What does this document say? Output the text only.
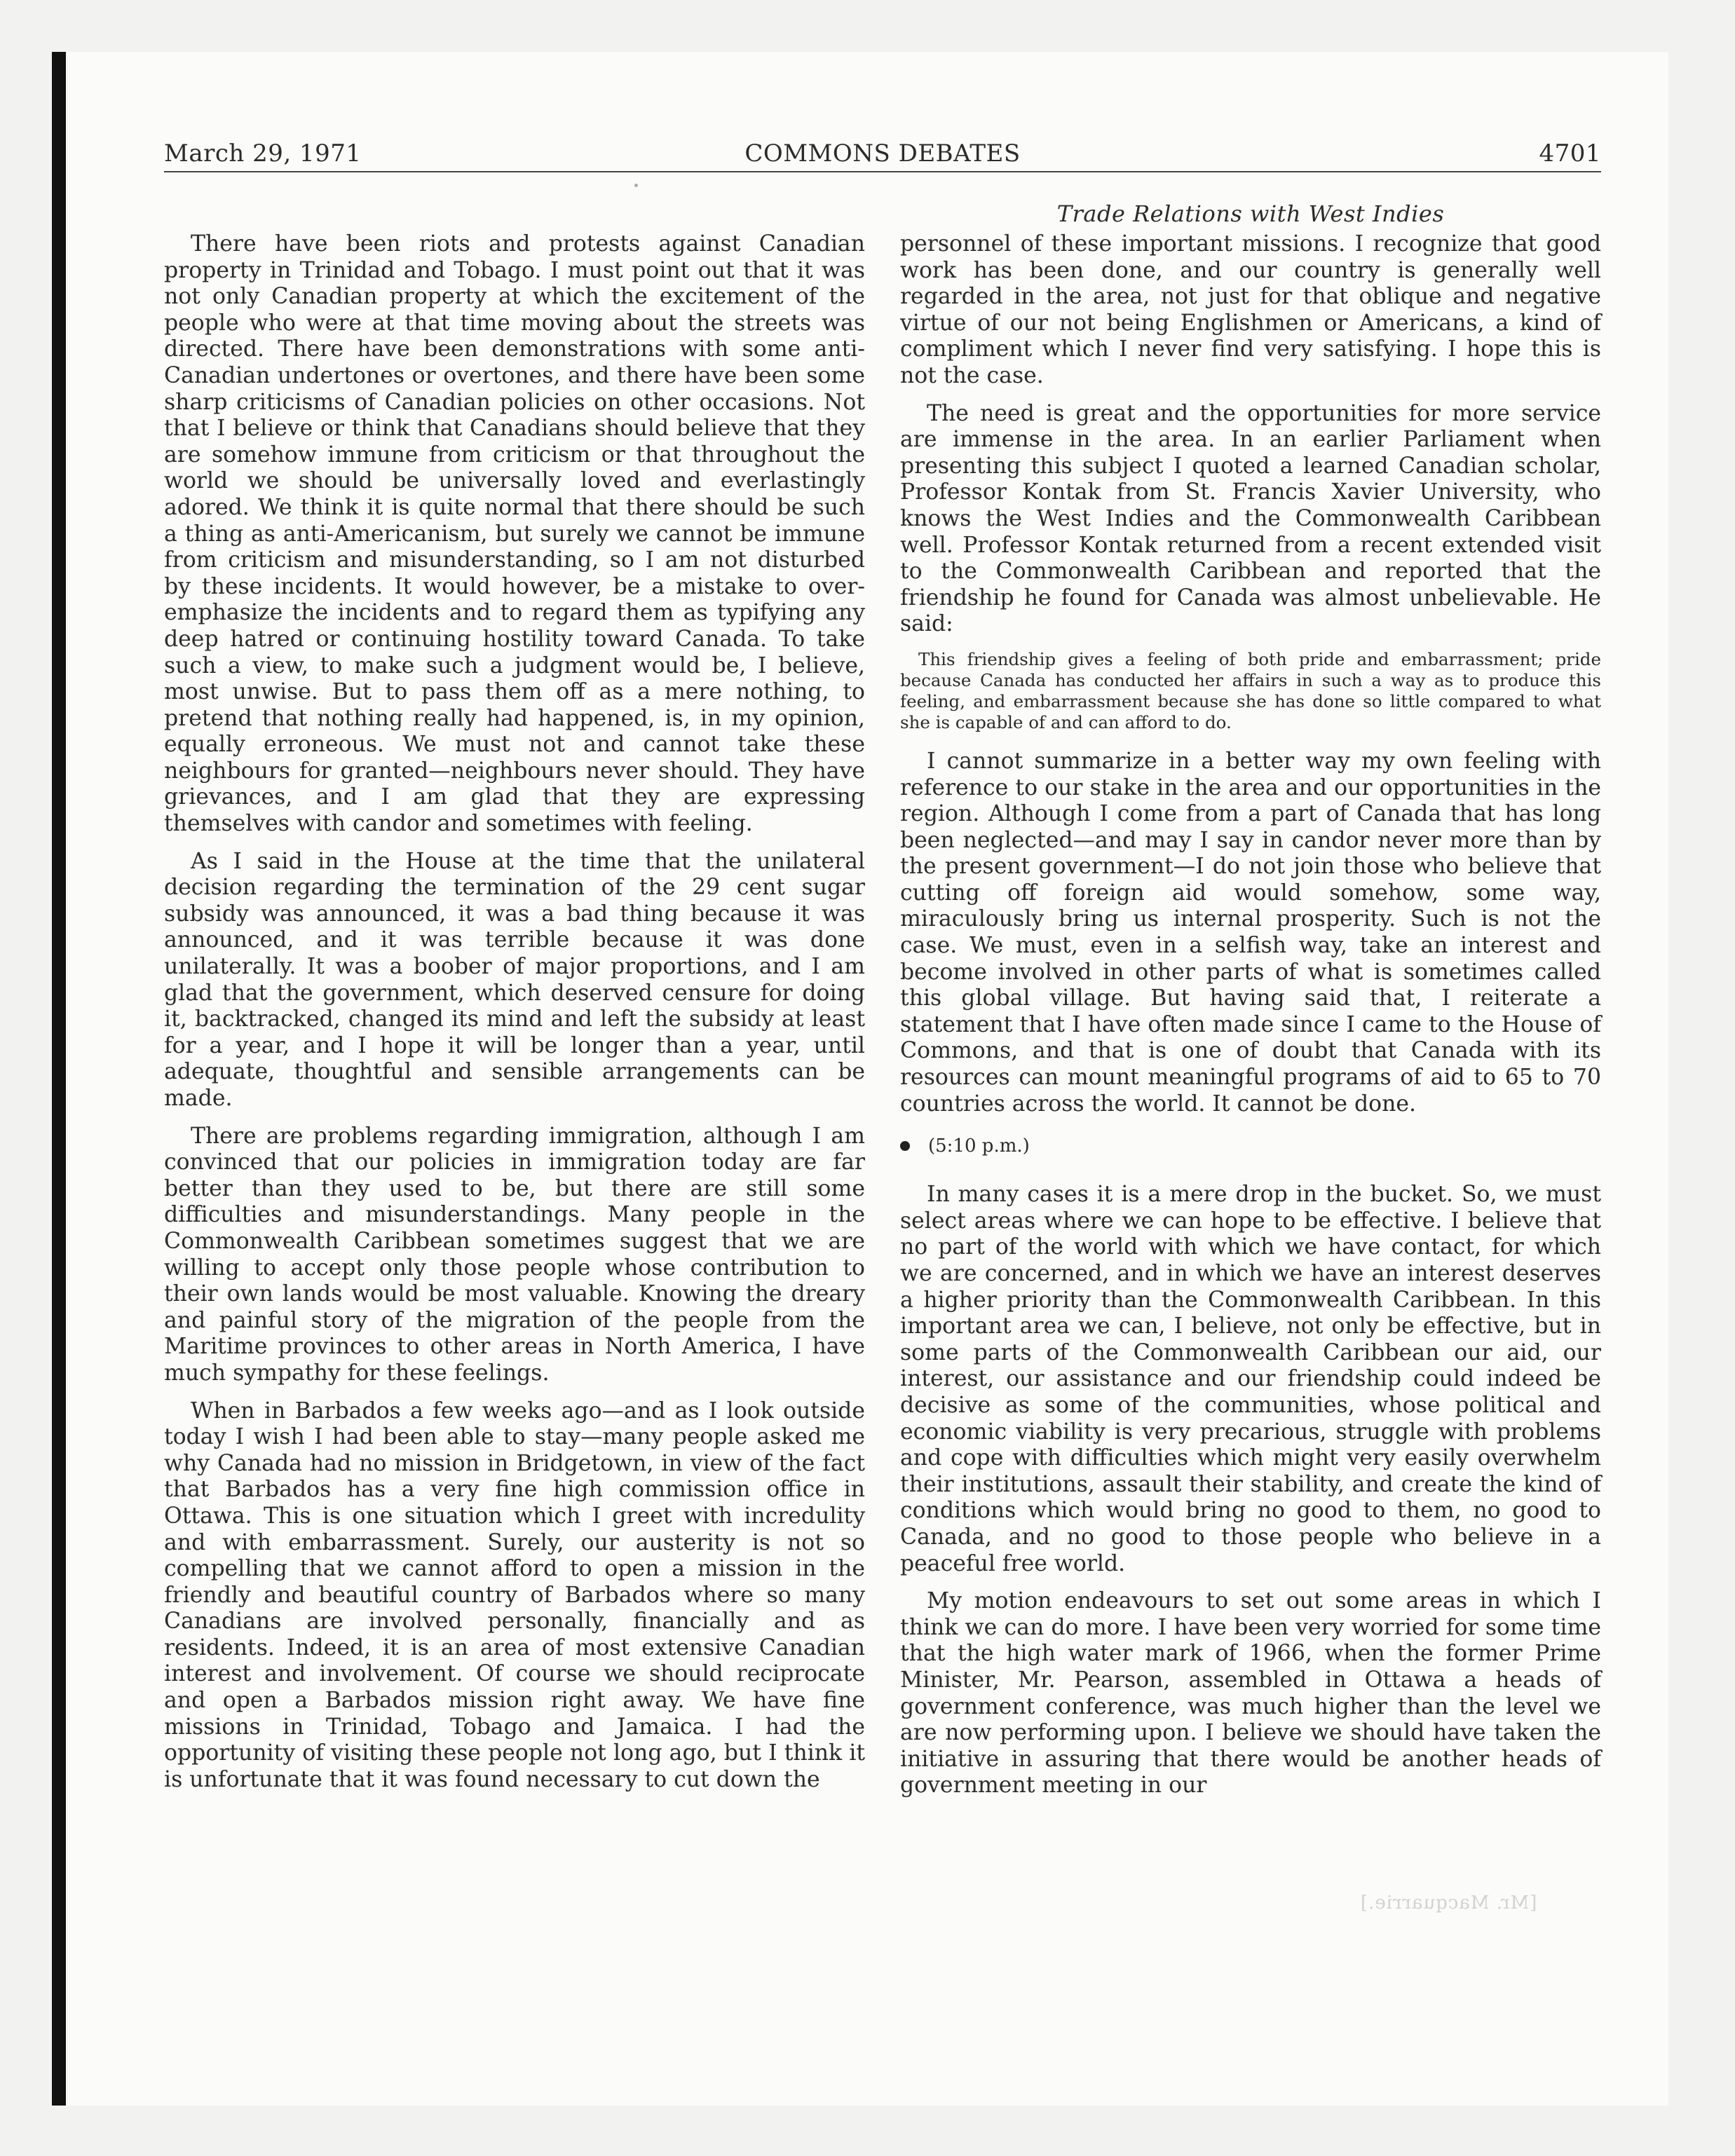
March 29, 1971	COMMONS DEBATES	4701
Trade Relations with West Indies

There have been riots and protests against Canadian property in Trinidad and Tobago. I must point out that it was not only Canadian property at which the excitement of the people who were at that time moving about the streets was directed. There have been demonstrations with some anti-Canadian undertones or overtones, and there have been some sharp criticisms of Canadian policies on other occasions. Not that I believe or think that Canadians should believe that they are somehow immune from criticism or that throughout the world we should be universally loved and everlastingly adored. We think it is quite normal that there should be such a thing as anti-Americanism, but surely we cannot be immune from criticism and misunderstanding, so I am not disturbed by these incidents. It would however, be a mistake to overemphasize the incidents and to regard them as typifying any deep hatred or continuing hostility toward Canada. To take such a view, to make such a judgment would be, I believe, most unwise. But to pass them off as a mere nothing, to pretend that nothing really had happened, is, in my opinion, equally erroneous. We must not and cannot take these neighbours for granted—neighbours never should. They have grievances, and I am glad that they are expressing themselves with candor and sometimes with feeling.

As I said in the House at the time that the unilateral decision regarding the termination of the 29 cent sugar subsidy was announced, it was a bad thing because it was announced, and it was terrible because it was done unilaterally. It was a boober of major proportions, and I am glad that the government, which deserved censure for doing it, backtracked, changed its mind and left the subsidy at least for a year, and I hope it will be longer than a year, until adequate, thoughtful and sensible arrangements can be made.

There are problems regarding immigration, although I am convinced that our policies in immigration today are far better than they used to be, but there are still some difficulties and misunderstandings. Many people in the Commonwealth Caribbean sometimes suggest that we are willing to accept only those people whose contribution to their own lands would be most valuable. Knowing the dreary and painful story of the migration of the people from the Maritime provinces to other areas in North America, I have much sympathy for these feelings.

When in Barbados a few weeks ago—and as I look outside today I wish I had been able to stay—many people asked me why Canada had no mission in Bridgetown, in view of the fact that Barbados has a very fine high commission office in Ottawa. This is one situation which I greet with incredulity and with embarrassment. Surely, our austerity is not so compelling that we cannot afford to open a mission in the friendly and beautiful country of Barbados where so many Canadians are involved personally, financially and as residents. Indeed, it is an area of most extensive Canadian interest and involvement. Of course we should reciprocate and open a Barbados mission right away. We have fine missions in Trinidad, Tobago and Jamaica. I had the opportunity of visiting these people not long ago, but I think it is unfortunate that it was found necessary to cut down the

personnel of these important missions. I recognize that good work has been done, and our country is generally well regarded in the area, not just for that oblique and negative virtue of our not being Englishmen or Americans, a kind of compliment which I never find very satisfying. I hope this is not the case.

The need is great and the opportunities for more service are immense in the area. In an earlier Parliament when presenting this subject I quoted a learned Canadian scholar, Professor Kontak from St. Francis Xavier University, who knows the West Indies and the Commonwealth Caribbean well. Professor Kontak returned from a recent extended visit to the Commonwealth Caribbean and reported that the friendship he found for Canada was almost unbelievable. He said:

This friendship gives a feeling of both pride and embarrassment; pride because Canada has conducted her affairs in such a way as to produce this feeling, and embarrassment because she has done so little compared to what she is capable of and can afford to do.

I cannot summarize in a better way my own feeling with reference to our stake in the area and our opportunities in the region. Although I come from a part of Canada that has long been neglected—and may I say in candor never more than by the present government—I do not join those who believe that cutting off foreign aid would somehow, some way, miraculously bring us internal prosperity. Such is not the case. We must, even in a selfish way, take an interest and become involved in other parts of what is sometimes called this global village. But having said that, I reiterate a statement that I have often made since I came to the House of Commons, and that is one of doubt that Canada with its resources can mount meaningful programs of aid to 65 to 70 countries across the world. It cannot be done.

(5:10 p.m.)

In many cases it is a mere drop in the bucket. So, we must select areas where we can hope to be effective. I believe that no part of the world with which we have contact, for which we are concerned, and in which we have an interest deserves a higher priority than the Commonwealth Caribbean. In this important area we can, I believe, not only be effective, but in some parts of the Commonwealth Caribbean our aid, our interest, our assistance and our friendship could indeed be decisive as some of the communities, whose political and economic viability is very precarious, struggle with problems and cope with difficulties which might very easily overwhelm their institutions, assault their stability, and create the kind of conditions which would bring no good to them, no good to Canada, and no good to those people who believe in a peaceful free world.

My motion endeavours to set out some areas in which I think we can do more. I have been very worried for some time that the high water mark of 1966, when the former Prime Minister, Mr. Pearson, assembled in Ottawa a heads of government conference, was much higher than the level we are now performing upon. I believe we should have taken the initiative in assuring that there would be another heads of government meeting in our

[Mr. Macquarrie.]
